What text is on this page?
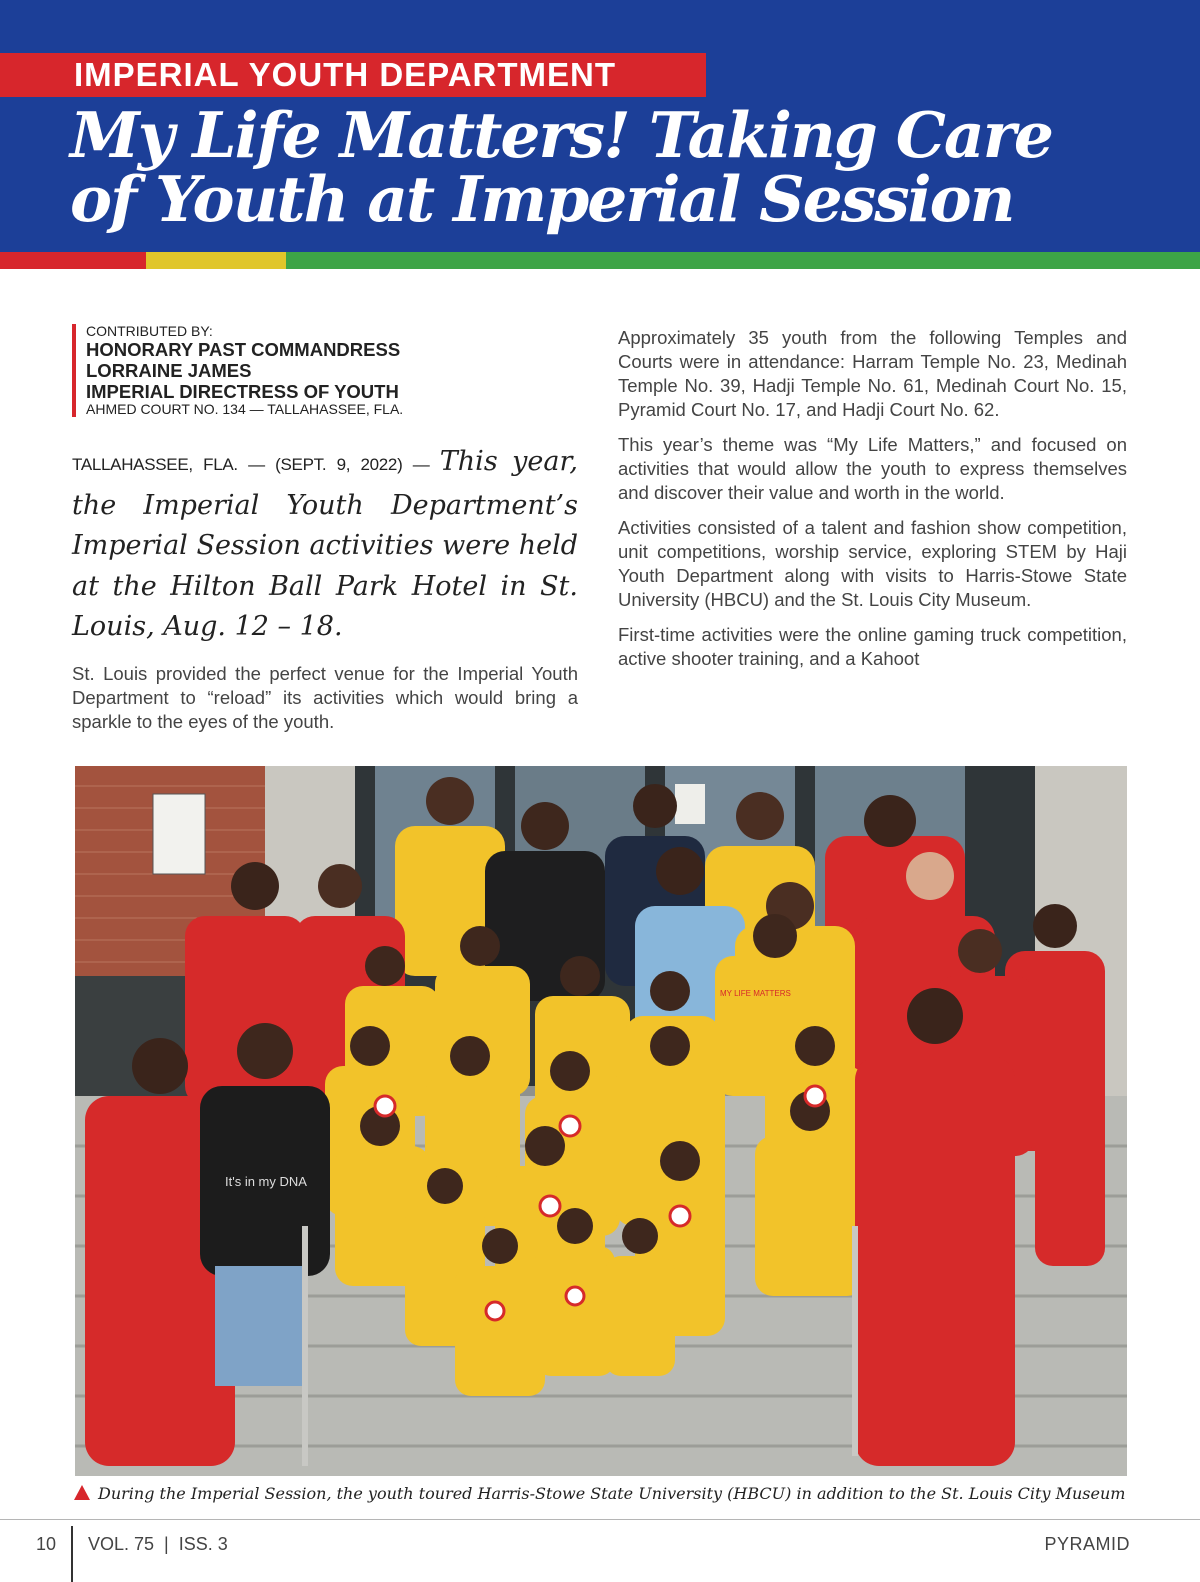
IMPERIAL YOUTH DEPARTMENT
My Life Matters! Taking Care
of Youth at Imperial Session
CONTRIBUTED BY:
HONORARY PAST COMMANDRESS
LORRAINE JAMES
IMPERIAL DIRECTRESS OF YOUTH
AHMED COURT NO. 134 — TALLAHASSEE, FLA.

TALLAHASSEE, FLA. — (SEPT. 9, 2022) — This year, the Imperial Youth Department’s Imperial Session activities were held at the Hilton Ball Park Hotel in St. Louis, Aug. 12 – 18.

St. Louis provided the perfect venue for the Imperial Youth Department to “reload” its activities which would bring a sparkle to the eyes of the youth.

Approximately 35 youth from the following Temples and Courts were in attendance: Harram Temple No. 23, Medinah Temple No. 39, Hadji Temple No. 61, Medinah Court No. 15, Pyramid Court No. 17, and Hadji Court No. 62.

This year’s theme was “My Life Matters,” and focused on activities that would allow the youth to express themselves and discover their value and worth in the world.

Activities consisted of a talent and fashion show competition, unit competitions, worship service, exploring STEM by Haji Youth Department along with visits to Harris-Stowe State University (HBCU) and the St. Louis City Museum.

First-time activities were the online gaming truck competition, active shooter training, and a Kahoot

It's in my DNA
MY LIFE MATTERS
During the Imperial Session, the youth toured Harris-Stowe State University (HBCU) in addition to the St. Louis City Museum
10 VOL. 75  |  ISS. 3	PYRAMID
